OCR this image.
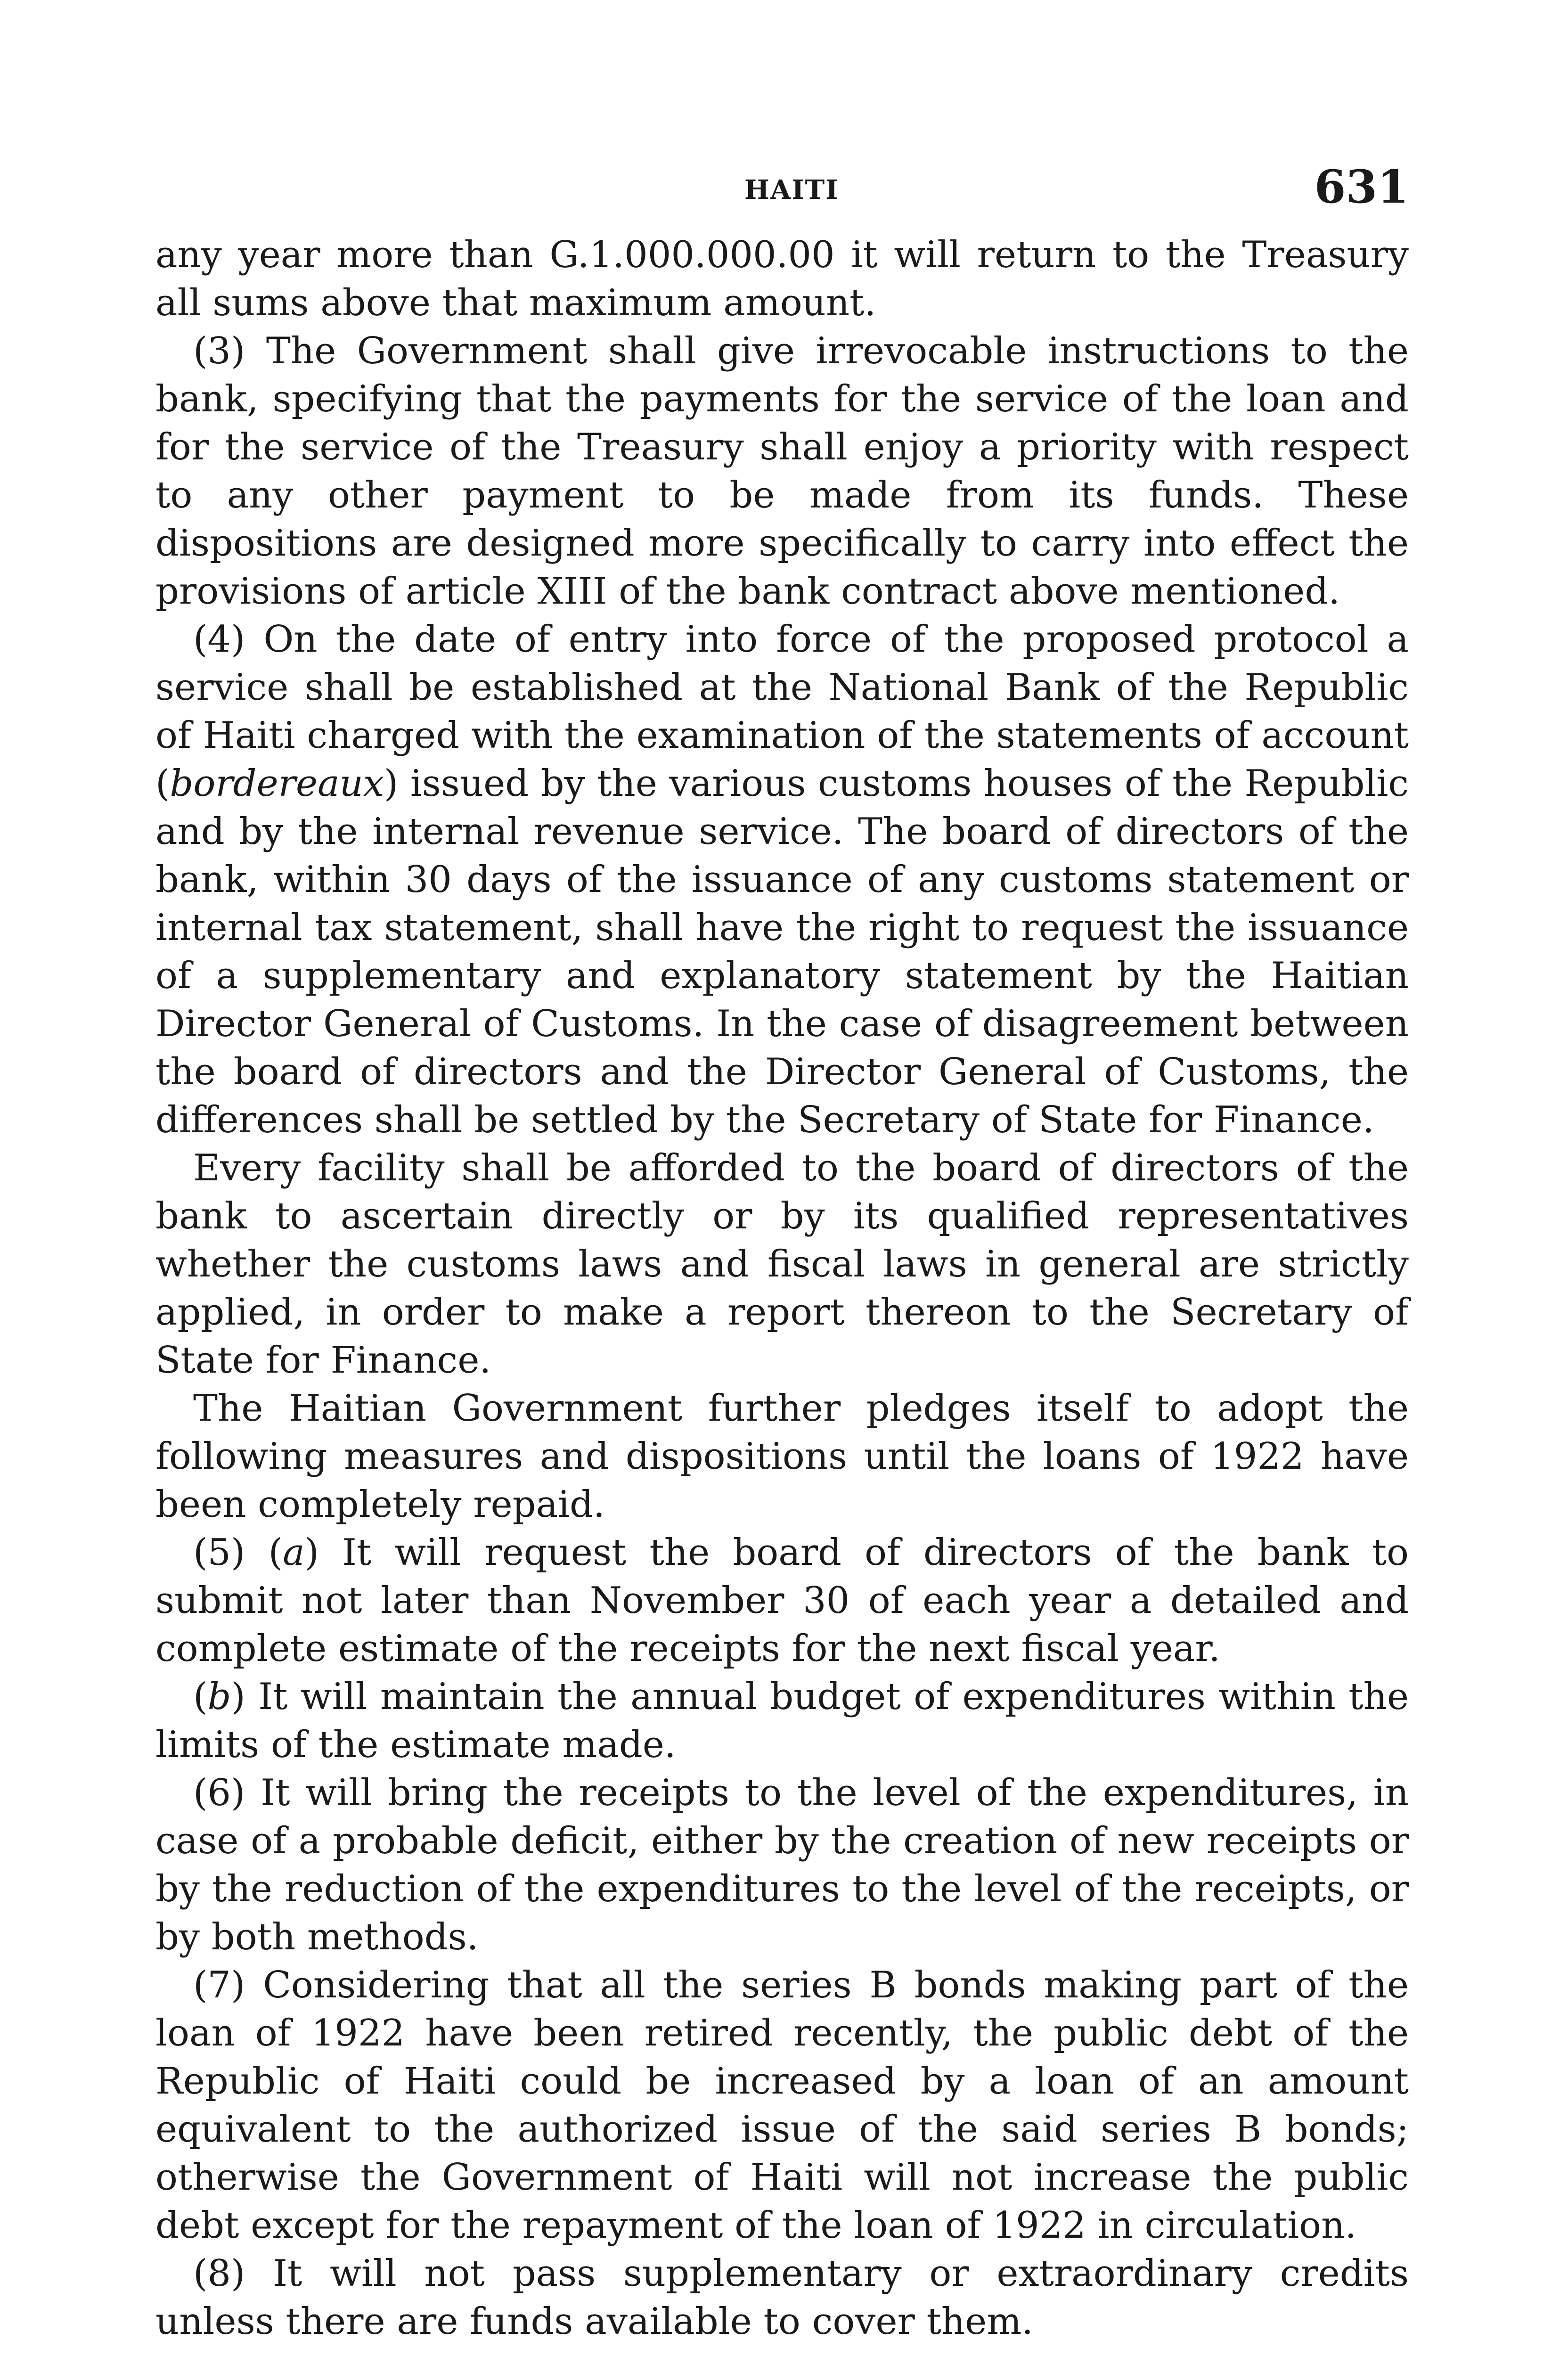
HAITI	631

any year more than G.1.000.000.00 it will return to the Treasury all sums above that maximum amount.

(3) The Government shall give irrevocable instructions to the bank, specifying that the payments for the service of the loan and for the service of the Treasury shall enjoy a priority with respect to any other payment to be made from its funds. These dispositions are designed more specifically to carry into effect the provisions of article XIII of the bank contract above mentioned.

(4) On the date of entry into force of the proposed protocol a service shall be established at the National Bank of the Republic of Haiti charged with the examination of the statements of account (bordereaux) issued by the various customs houses of the Republic and by the internal revenue service. The board of directors of the bank, within 30 days of the issuance of any customs statement or internal tax statement, shall have the right to request the issuance of a supplementary and explanatory statement by the Haitian Director General of Customs. In the case of disagreement between the board of directors and the Director General of Customs, the differences shall be settled by the Secretary of State for Finance.

Every facility shall be afforded to the board of directors of the bank to ascertain directly or by its qualified representatives whether the customs laws and fiscal laws in general are strictly applied, in order to make a report thereon to the Secretary of State for Finance.

The Haitian Government further pledges itself to adopt the following measures and dispositions until the loans of 1922 have been completely repaid.

(5) (a) It will request the board of directors of the bank to submit not later than November 30 of each year a detailed and complete estimate of the receipts for the next fiscal year.

(b) It will maintain the annual budget of expenditures within the limits of the estimate made.

(6) It will bring the receipts to the level of the expenditures, in case of a probable deficit, either by the creation of new receipts or by the reduction of the expenditures to the level of the receipts, or by both methods.

(7) Considering that all the series B bonds making part of the loan of 1922 have been retired recently, the public debt of the Republic of Haiti could be increased by a loan of an amount equivalent to the authorized issue of the said series B bonds; otherwise the Government of Haiti will not increase the public debt except for the repayment of the loan of 1922 in circulation.

(8) It will not pass supplementary or extraordinary credits unless there are funds available to cover them.
